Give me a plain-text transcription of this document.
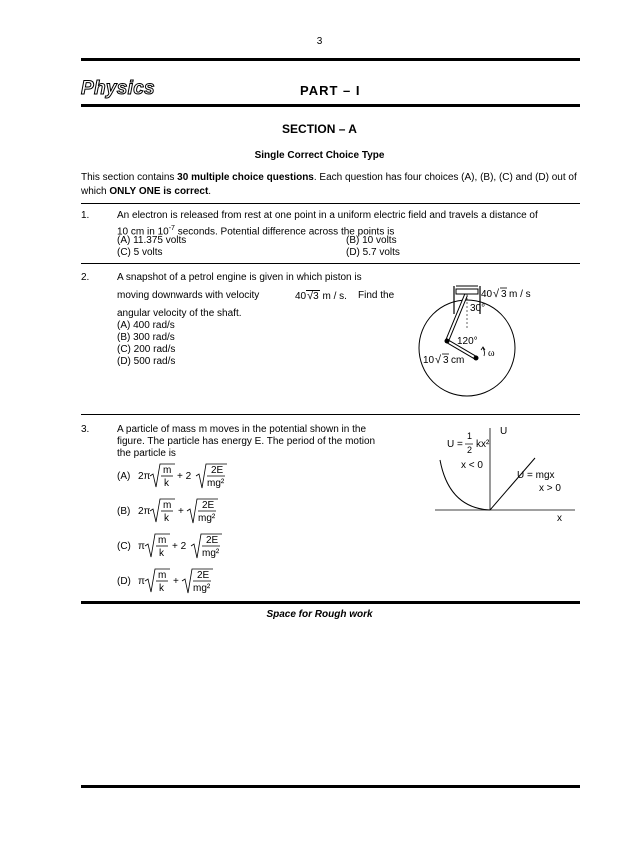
3
Physics	PART – I
SECTION – A
Single Correct Choice Type
This section contains 30 multiple choice questions. Each question has four choices (A), (B), (C) and (D) out of which ONLY ONE is correct.
1.	An electron is released from rest at one point in a uniform electric field and travels a distance of
10 cm in $10^{-7}$ seconds. Potential difference across the points is
(A) 11.375 volts	(B) 10 volts
(C) 5 volts	(D) 5.7 volts
2.	A snapshot of a petrol engine is given in which piston is
moving downwards with velocity	40√3 m / s. Find the
angular velocity of the shaft.
(A) 400 rad/s
(B) 300 rad/s
(C) 200 rad/s
(D) 500 rad/s
40 √ 3 m / s
30°
120°
ω
10 √ 3 cm
3.	A particle of mass m moves in the potential shown in the
figure. The particle has energy E. The period of the motion
the particle is
(A) 2π
m
k
+ 2
2E
mg²
(B) 2π
m
k
+
2E
mg²
(C) π
m
k
+ 2
2E
mg²
(D) π
m
k
+
2E
mg²
U
x
U =
1
2 kx²
x < 0
U = mgx
x > 0
Space for Rough work
